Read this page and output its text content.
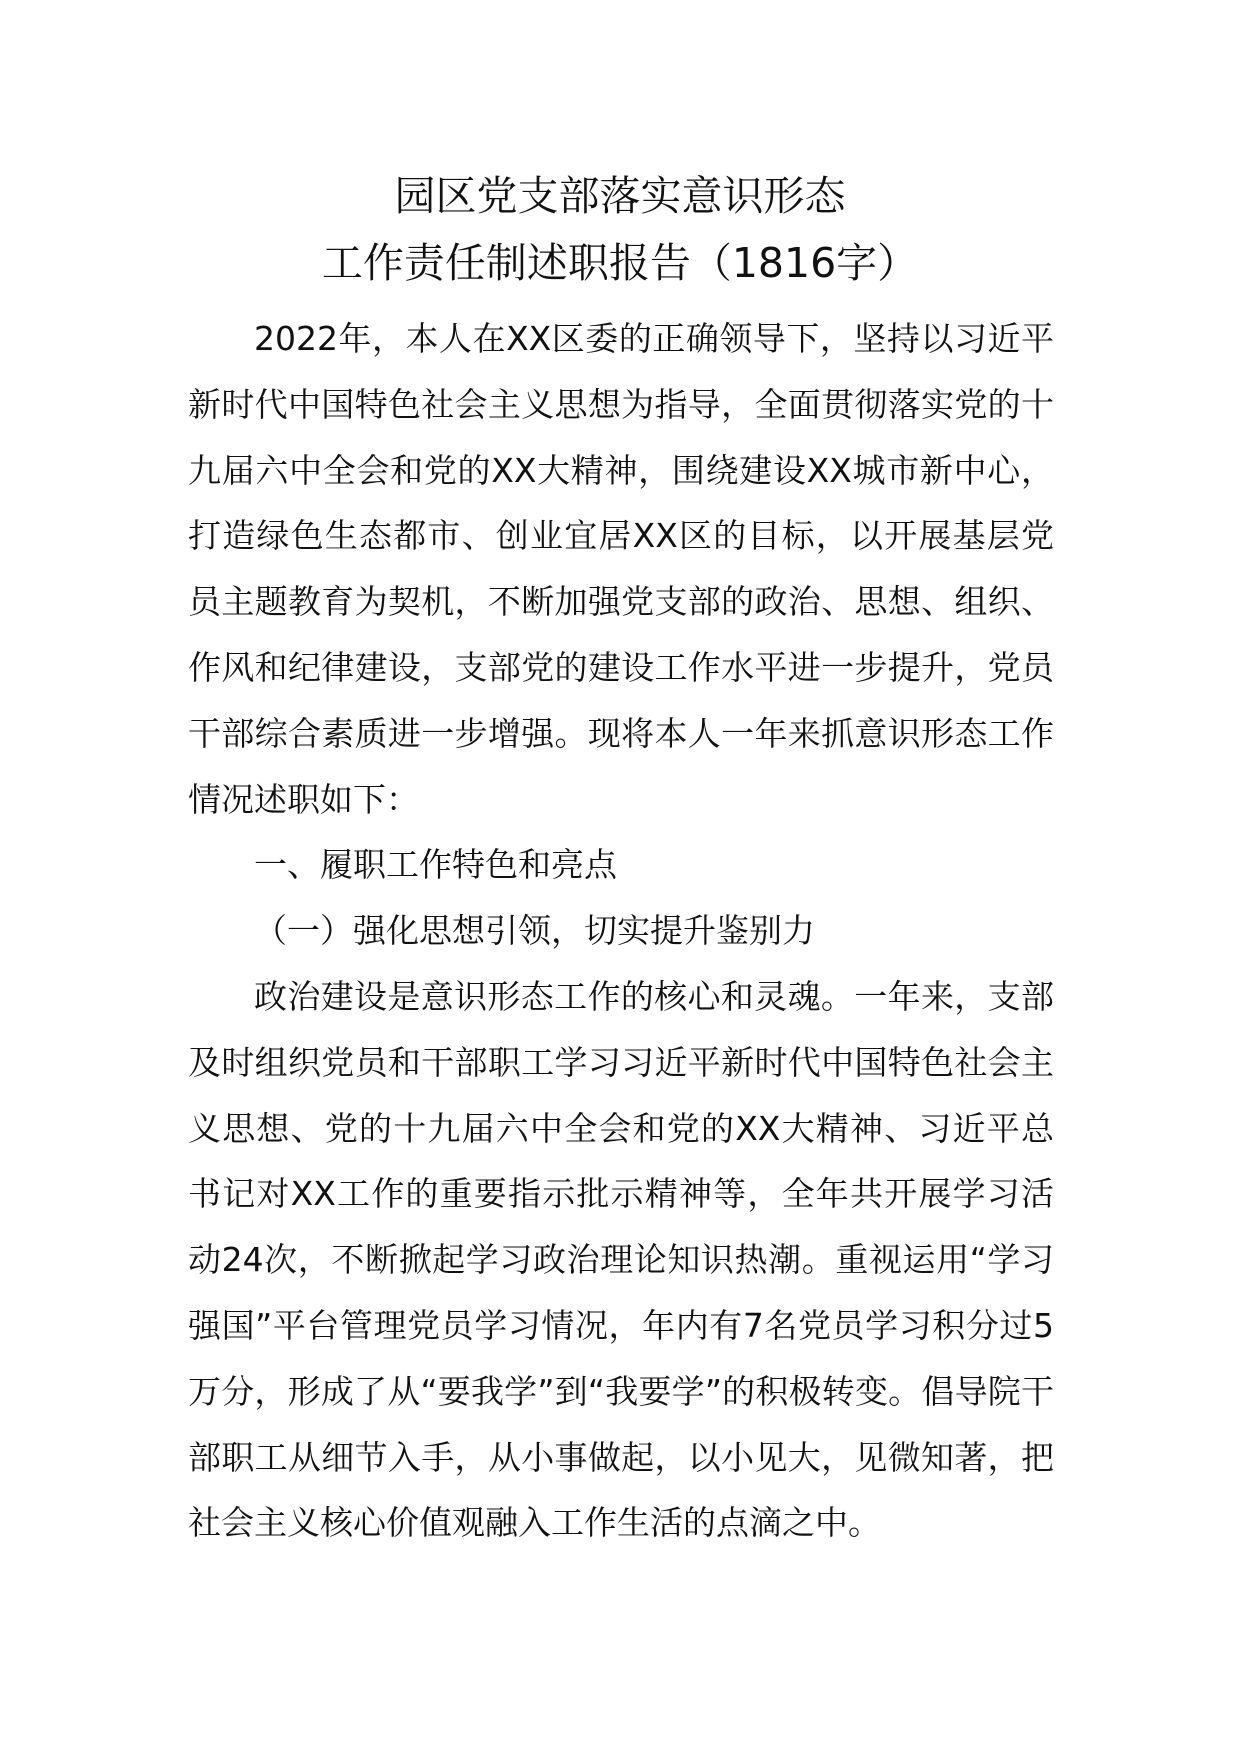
园区党支部落实意识形态
工作责任制述职报告（1816字）

2022年，本人在XX区委的正确领导下，坚持以习近平新时代中国特色社会主义思想为指导，全面贯彻落实党的十九届六中全会和党的XX大精神，围绕建设XX城市新中心，打造绿色生态都市、创业宜居XX区的目标，以开展基层党员主题教育为契机，不断加强党支部的政治、思想、组织、作风和纪律建设，支部党的建设工作水平进一步提升，党员干部综合素质进一步增强。现将本人一年来抓意识形态工作情况述职如下：

一、履职工作特色和亮点

（一）强化思想引领，切实提升鉴别力

政治建设是意识形态工作的核心和灵魂。一年来，支部及时组织党员和干部职工学习习近平新时代中国特色社会主义思想、党的十九届六中全会和党的XX大精神、习近平总书记对XX工作的重要指示批示精神等，全年共开展学习活动24次，不断掀起学习政治理论知识热潮。重视运用“学习强国”平台管理党员学习情况，年内有7名党员学习积分过5万分，形成了从“要我学”到“我要学”的积极转变。倡导院干部职工从细节入手，从小事做起，以小见大，见微知著，把社会主义核心价值观融入工作生活的点滴之中。
